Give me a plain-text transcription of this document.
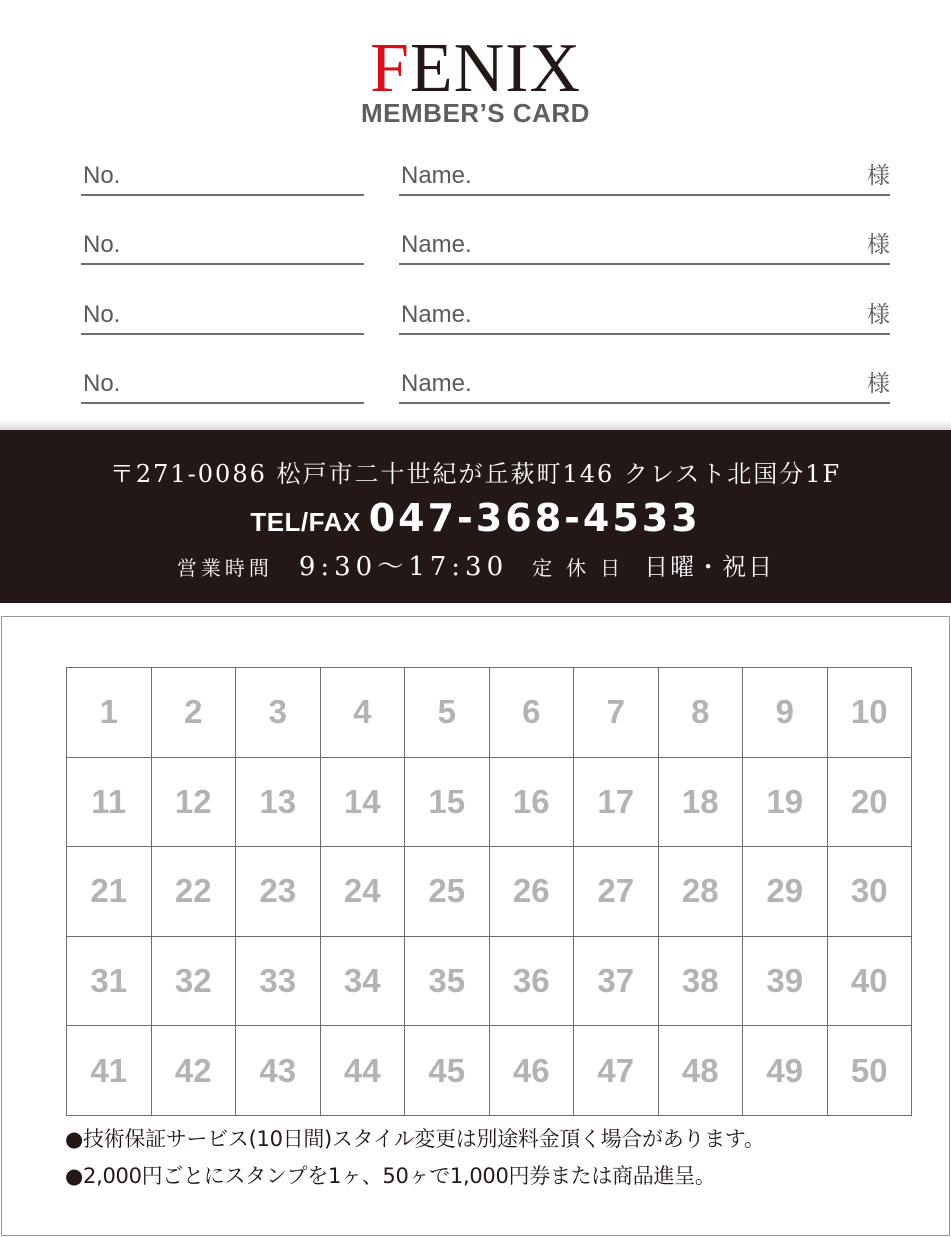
FENIX
MEMBER’S CARD
No.	Name.	様
No.	Name.	様
No.	Name.	様
No.	Name.	様
〒271-0086 松戸市二十世紀が丘萩町146 クレスト北国分1F
TEL/FAX 047-368-4533
営業時間 9:30〜17:30 定休日 日曜・祝日
1	2	3	4	5	6	7	8	9	10
11	12	13	14	15	16	17	18	19	20
21	22	23	24	25	26	27	28	29	30
31	32	33	34	35	36	37	38	39	40
41	42	43	44	45	46	47	48	49	50
●技術保証サービス(10日間)スタイル変更は別途料金頂く場合があります。
●2,000円ごとにスタンプを1ヶ、50ヶで1,000円券または商品進呈。
